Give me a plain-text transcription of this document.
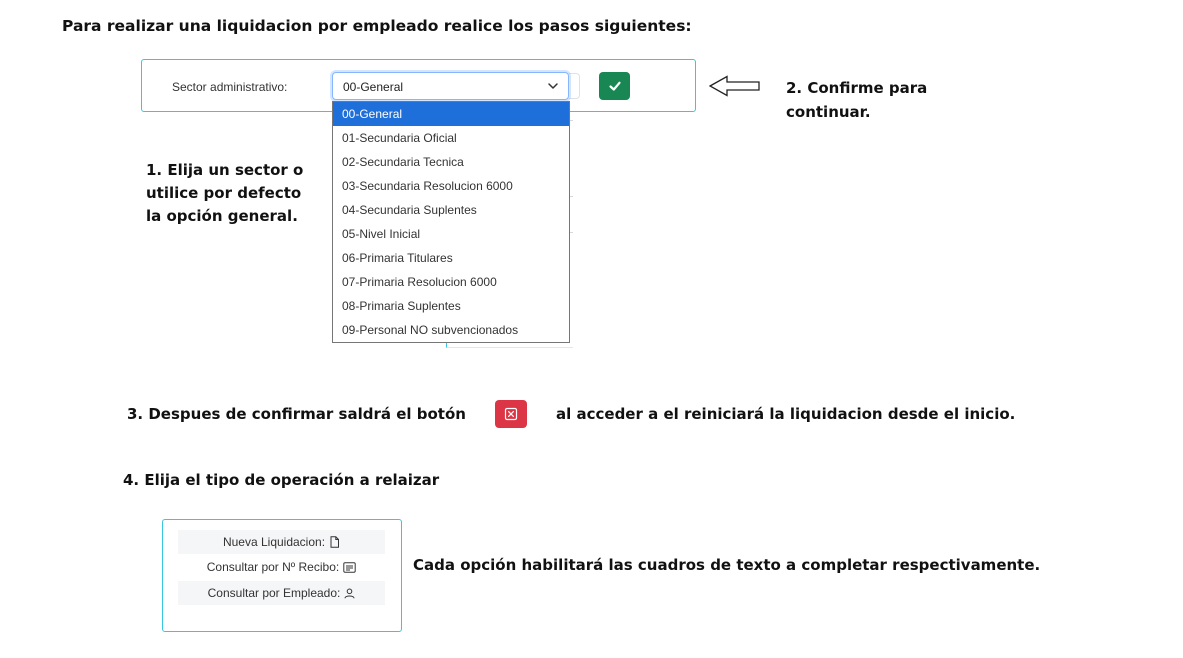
Para realizar una liquidacion por empleado realice los pasos siguientes:
Sector administrativo:	00-General
00-General
01-Secundaria Oficial
02-Secundaria Tecnica
03-Secundaria Resolucion 6000
04-Secundaria Suplentes
05-Nivel Inicial
06-Primaria Titulares
07-Primaria Resolucion 6000
08-Primaria Suplentes
09-Personal NO subvencionados
2. Confirme para
continuar.
1. Elija un sector o
utilice por defecto
la opción general.
3. Despues de confirmar saldrá el botón	al acceder a el reiniciará la liquidacion desde el inicio.
4. Elija el tipo de operación a relaizar
Nueva Liquidacion:
Consultar por Nº Recibo:
Consultar por Empleado:
Cada opción habilitará las cuadros de texto a completar respectivamente.
